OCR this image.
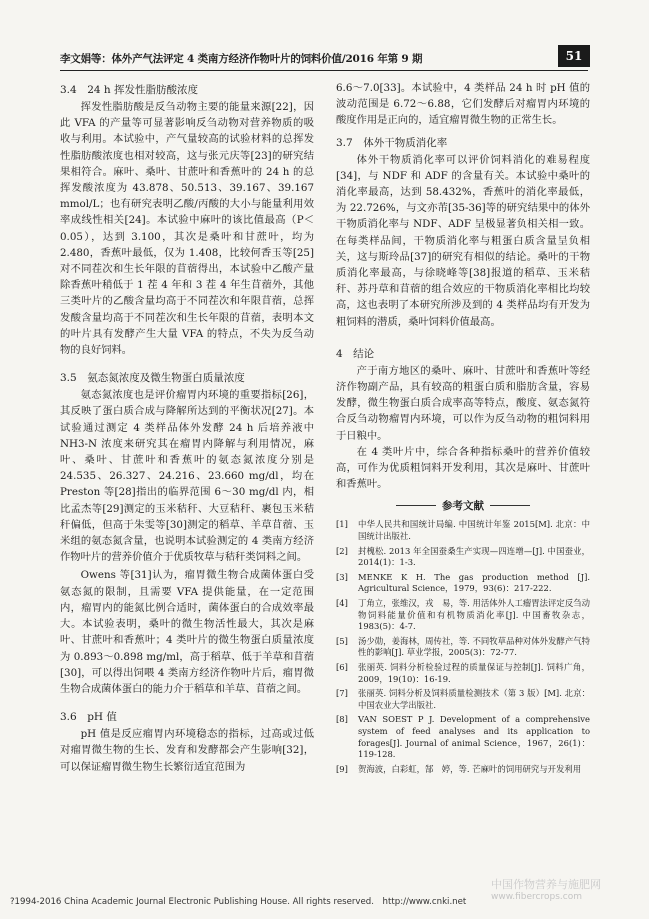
李文娟等：体外产气法评定 4 类南方经济作物叶片的饲料价值/2016 年第 9 期	51
3.4　24 h 挥发性脂肪酸浓度

挥发性脂肪酸是反刍动物主要的能量来源[22]，因此 VFA 的产量等可显著影响反刍动物对营养物质的吸收与利用。本试验中，产气量较高的试验材料的总挥发性脂肪酸浓度也相对较高，这与张元庆等[23]的研究结果相符合。麻叶、桑叶、甘蔗叶和香蕉叶的 24 h 的总挥发酸浓度为 43.878、50.513、39.167、39.167 mmol/L；也有研究表明乙酸/丙酸的大小与能量利用效率成线性相关[24]。本试验中麻叶的该比值最高（P＜0.05），达到 3.100，其次是桑叶和甘蔗叶，均为 2.480，香蕉叶最低，仅为 1.408，比较何香玉等[25]对不同茬次和生长年限的苜蓿得出，本试验中乙酸产量除香蕉叶稍低于 1 茬 4 年和 3 茬 4 年生苜蓿外，其他三类叶片的乙酸含量均高于不同茬次和年限苜蓿，总挥发酸含量均高于不同茬次和生长年限的苜蓿，表明本文的叶片具有发酵产生大量 VFA 的特点，不失为反刍动物的良好饲料。

3.5　氨态氮浓度及微生物蛋白质量浓度

氨态氮浓度也是评价瘤胃内环境的重要指标[26]，其反映了蛋白质合成与降解所达到的平衡状况[27]。本试验通过测定 4 类样品体外发酵 24 h 后培养液中 NH3-N 浓度来研究其在瘤胃内降解与利用情况，麻叶、桑叶、甘蔗叶和香蕉叶的氨态氮浓度分别是 24.535、26.327、24.216、23.660 mg/dl，均在 Preston 等[28]指出的临界范围 6～30 mg/dl 内，相比孟杰等[29]测定的玉米秸秆、大豆秸秆、裹包玉米秸秆偏低，但高于朱雯等[30]测定的稻草、羊草苜蓿、玉米组的氨态氮含量，也说明本试验测定的 4 类南方经济作物叶片的营养价值介于优质牧草与秸秆类饲料之间。

Owens 等[31]认为，瘤胃微生物合成菌体蛋白受氨态氮的限制，且需要 VFA 提供能量，在一定范围内，瘤胃内的能氮比例合适时，菌体蛋白的合成效率最大。本试验表明，桑叶的微生物活性最大，其次是麻叶、甘蔗叶和香蕉叶；4 类叶片的微生物蛋白质量浓度为 0.893～0.898 mg/ml，高于稻草、低于羊草和苜蓿[30]，可以得出饲喂 4 类南方经济作物叶片后，瘤胃微生物合成菌体蛋白的能力介于稻草和羊草、苜蓿之间。

3.6　pH 值

pH 值是反应瘤胃内环境稳态的指标，过高或过低对瘤胃微生物的生长、发育和发酵都会产生影响[32]，可以保证瘤胃微生物生长繁衍适宜范围为

6.6～7.0[33]。本试验中，4 类样品 24 h 时 pH 值的波动范围是 6.72～6.88，它们发酵后对瘤胃内环境的酸度作用是正向的，适宜瘤胃微生物的正常生长。

3.7　体外干物质消化率

体外干物质消化率可以评价饲料消化的难易程度[34]，与 NDF 和 ADF 的含量有关。本试验中桑叶的消化率最高，达到 58.432%，香蕉叶的消化率最低，为 22.726%，与文亦芾[35-36]等的研究结果中的体外干物质消化率与 NDF、ADF 呈极显著负相关相一致。在每类样品间，干物质消化率与粗蛋白质含量呈负相关，这与斯玲品[37]的研究有相似的结论。桑叶的干物质消化率最高，与徐晓峰等[38]报道的稻草、玉米秸秆、苏丹草和苜蓿的组合效应的干物质消化率相比均较高，这也表明了本研究所涉及到的 4 类样品均有开发为粗饲料的潜质，桑叶饲料价值最高。

4　结论

产于南方地区的桑叶、麻叶、甘蔗叶和香蕉叶等经济作物副产品，具有较高的粗蛋白质和脂肪含量，容易发酵，微生物蛋白质合成率高等特点，酸度、氨态氮符合反刍动物瘤胃内环境，可以作为反刍动物的粗饲料用于日粮中。

在 4 类叶片中，综合各种指标桑叶的营养价值较高，可作为优质粗饲料开发利用，其次是麻叶、甘蔗叶和香蕉叶。

参考文献
[1]	中华人民共和国统计局编. 中国统计年鉴 2015[M]. 北京：中国统计出版社.
[2]	封槐松. 2013 年全国蚕桑生产实现—四连增—[J]. 中国蚕业，2014(1)：1-3.
[3]	MENKE K H. The gas production method [J]. Agricultural Science，1979，93(6)：217-222.
[4]	丁角立，张维汉，戎　易，等. 用活体外人工瘤胃法评定反刍动物饲料能量价值和有机物质消化率[J]. 中国畜牧杂志，1983(5)：4-7.
[5]	汤少勋，姜海林，周传社，等. 不同牧草品种对体外发酵产气特性的影响[J]. 草业学报，2005(3)：72-77.
[6]	张丽英. 饲料分析检验过程的质量保证与控制[J]. 饲料广角，2009，19(10)：16-19.
[7]	张丽英. 饲料分析及饲料质量检测技术（第 3 版）[M]. 北京：中国农业大学出版社.
[8]	VAN SOEST P J. Development of a comprehensive system of feed analyses and its application to forages[J]. Journal of animal Science，1967，26(1)：119-128.
[9]	贺海波，白彩虹，郜　婷，等. 芒麻叶的饲用研究与开发利用
?1994-2016 China Academic Journal Electronic Publishing House. All rights reserved.　http://www.cnki.net
中国作物营养与施肥网
www.fibercrops.com
